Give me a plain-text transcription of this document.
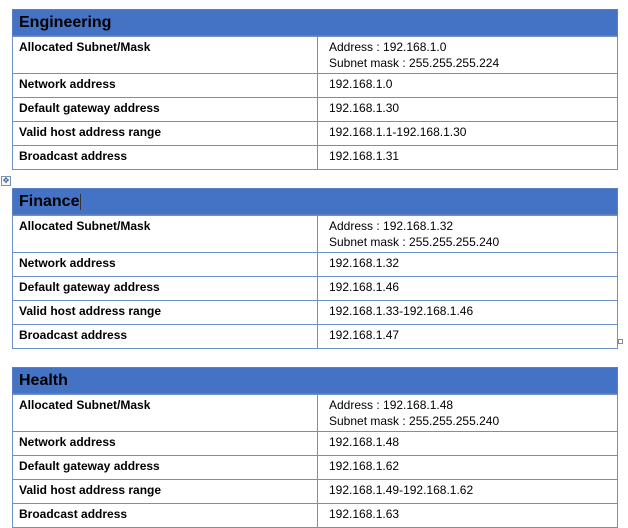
✥
Engineering
Allocated Subnet/Mask	Address : 192.168.1.0
Subnet mask : 255.255.255.224

Network address	192.168.1.0
Default gateway address	192.168.1.30
Valid host address range	192.168.1.1-192.168.1.30
Broadcast address	192.168.1.31
Finance
Allocated Subnet/Mask	Address : 192.168.1.32
Subnet mask : 255.255.255.240

Network address	192.168.1.32
Default gateway address	192.168.1.46
Valid host address range	192.168.1.33-192.168.1.46
Broadcast address	192.168.1.47
Health
Allocated Subnet/Mask	Address : 192.168.1.48
Subnet mask : 255.255.255.240

Network address	192.168.1.48
Default gateway address	192.168.1.62
Valid host address range	192.168.1.49-192.168.1.62
Broadcast address	192.168.1.63
